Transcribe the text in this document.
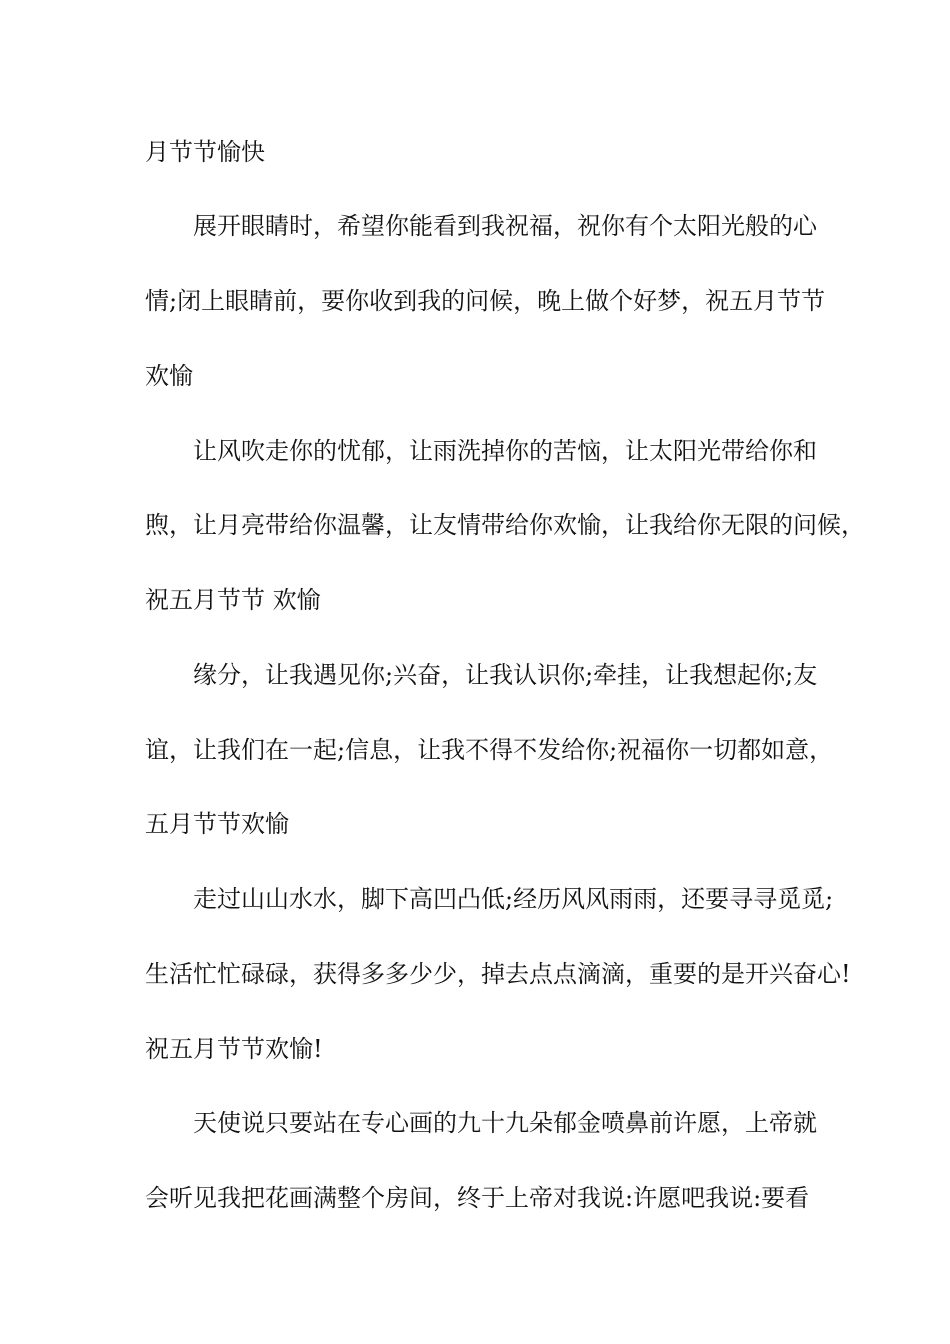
月节节愉快
展开眼睛时，希望你能看到我祝福，祝你有个太阳光般的心
情;闭上眼睛前，要你收到我的问候，晚上做个好梦，祝五月节节
欢愉
让风吹走你的忧郁，让雨洗掉你的苦恼，让太阳光带给你和
煦，让月亮带给你温馨，让友情带给你欢愉，让我给你无限的问候，
祝五月节节 欢愉
缘分，让我遇见你;兴奋，让我认识你;牵挂，让我想起你;友
谊，让我们在一起;信息，让我不得不发给你;祝福你一切都如意，
五月节节欢愉
走过山山水水，脚下高凹凸低;经历风风雨雨，还要寻寻觅觅;
生活忙忙碌碌，获得多多少少，掉去点点滴滴，重要的是开兴奋心!
祝五月节节欢愉!
天使说只要站在专心画的九十九朵郁金喷鼻前许愿，上帝就
会听见我把花画满整个房间，终于上帝对我说:许愿吧我说:要看
